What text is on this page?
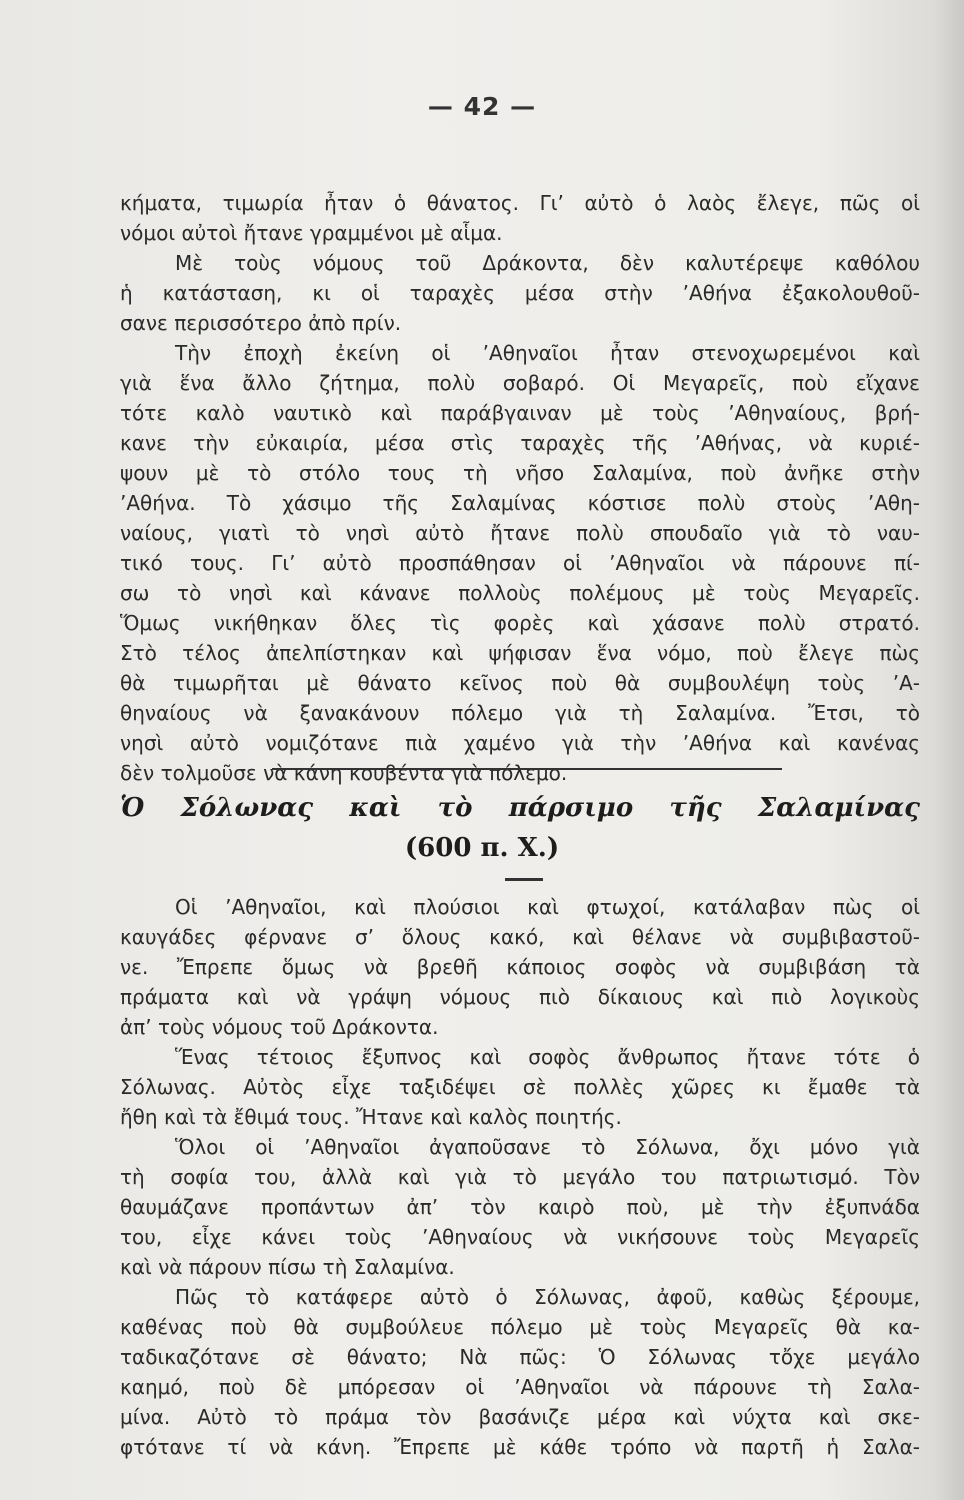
— 42 —
κήματα, τιμωρία ἦταν ὁ θάνατος. Γι’ αὐτὸ ὁ λαὸς ἔλεγε, πῶς οἱ
νόμοι αὐτοὶ ἤτανε γραμμένοι μὲ αἷμα.
Μὲ τοὺς νόμους τοῦ Δράκοντα, δὲν καλυτέρεψε καθόλου
ἡ κατάσταση, κι οἱ ταραχὲς μέσα στὴν ’Αθήνα ἐξακολουθοῦ-
σανε περισσότερο ἀπὸ πρίν.
Τὴν ἐποχὴ ἐκείνη οἱ ’Αθηναῖοι ἦταν στενοχωρεμένοι καὶ
γιὰ ἕνα ἄλλο ζήτημα, πολὺ σοβαρό. Οἱ Μεγαρεῖς, ποὺ εἴχανε
τότε καλὸ ναυτικὸ καὶ παράβγαιναν μὲ τοὺς ’Αθηναίους, βρή-
κανε τὴν εὐκαιρία, μέσα στὶς ταραχὲς τῆς ’Αθήνας, νὰ κυριέ-
ψουν μὲ τὸ στόλο τους τὴ νῆσο Σαλαμίνα, ποὺ ἀνῆκε στὴν
’Αθήνα. Τὸ χάσιμο τῆς Σαλαμίνας κόστισε πολὺ στοὺς ’Αθη-
ναίους, γιατὶ τὸ νησὶ αὐτὸ ἤτανε πολὺ σπουδαῖο γιὰ τὸ ναυ-
τικό τους. Γι’ αὐτὸ προσπάθησαν οἱ ’Αθηναῖοι νὰ πάρουνε πί-
σω τὸ νησὶ καὶ κάνανε πολλοὺς πολέμους μὲ τοὺς Μεγαρεῖς.
Ὅμως νικήθηκαν ὅλες τὶς φορὲς καὶ χάσανε πολὺ στρατό.
Στὸ τέλος ἀπελπίστηκαν καὶ ψήφισαν ἕνα νόμο, ποὺ ἔλεγε πὼς
θὰ τιμωρῆται μὲ θάνατο κεῖνος ποὺ θὰ συμβουλέψη τοὺς ’Α-
θηναίους νὰ ξανακάνουν πόλεμο γιὰ τὴ Σαλαμίνα. Ἔτσι, τὸ
νησὶ αὐτὸ νομιζότανε πιὰ χαμένο γιὰ τὴν ’Αθήνα καὶ κανένας
δὲν τολμοῦσε νὰ κάνη κουβέντα γιὰ πόλεμο.
Ὁ Σόλωνας καὶ τὸ πάρσιμο τῆς Σαλαμίνας
(600 π. Χ.)
Οἱ ’Αθηναῖοι, καὶ πλούσιοι καὶ φτωχοί, κατάλαβαν πὼς οἱ
καυγάδες φέρνανε σ’ ὅλους κακό, καὶ θέλανε νὰ συμβιβαστοῦ-
νε. Ἔπρεπε ὅμως νὰ βρεθῆ κάποιος σοφὸς νὰ συμβιβάση τὰ
πράματα καὶ νὰ γράψη νόμους πιὸ δίκαιους καὶ πιὸ λογικοὺς
ἀπ’ τοὺς νόμους τοῦ Δράκοντα.
Ἕνας τέτοιος ἔξυπνος καὶ σοφὸς ἄνθρωπος ἤτανε τότε ὁ
Σόλωνας. Αὐτὸς εἶχε ταξιδέψει σὲ πολλὲς χῶρες κι ἔμαθε τὰ
ἤθη καὶ τὰ ἔθιμά τους. Ἤτανε καὶ καλὸς ποιητής.
Ὅλοι οἱ ’Αθηναῖοι ἀγαποῦσανε τὸ Σόλωνα, ὄχι μόνο γιὰ
τὴ σοφία του, ἀλλὰ καὶ γιὰ τὸ μεγάλο του πατριωτισμό. Τὸν
θαυμάζανε προπάντων ἀπ’ τὸν καιρὸ ποὺ, μὲ τὴν ἐξυπνάδα
του, εἶχε κάνει τοὺς ’Αθηναίους νὰ νικήσουνε τοὺς Μεγαρεῖς
καὶ νὰ πάρουν πίσω τὴ Σαλαμίνα.
Πῶς τὸ κατάφερε αὐτὸ ὁ Σόλωνας, ἀφοῦ, καθὼς ξέρουμε,
καθένας ποὺ θὰ συμβούλευε πόλεμο μὲ τοὺς Μεγαρεῖς θὰ κα-
ταδικαζότανε σὲ θάνατο; Νὰ πῶς: Ὁ Σόλωνας τὄχε μεγάλο
καημό, ποὺ δὲ μπόρεσαν οἱ ’Αθηναῖοι νὰ πάρουνε τὴ Σαλα-
μίνα. Αὐτὸ τὸ πράμα τὸν βασάνιζε μέρα καὶ νύχτα καὶ σκε-
φτότανε τί νὰ κάνη. Ἔπρεπε μὲ κάθε τρόπο νὰ παρτῆ ἡ Σαλα-
